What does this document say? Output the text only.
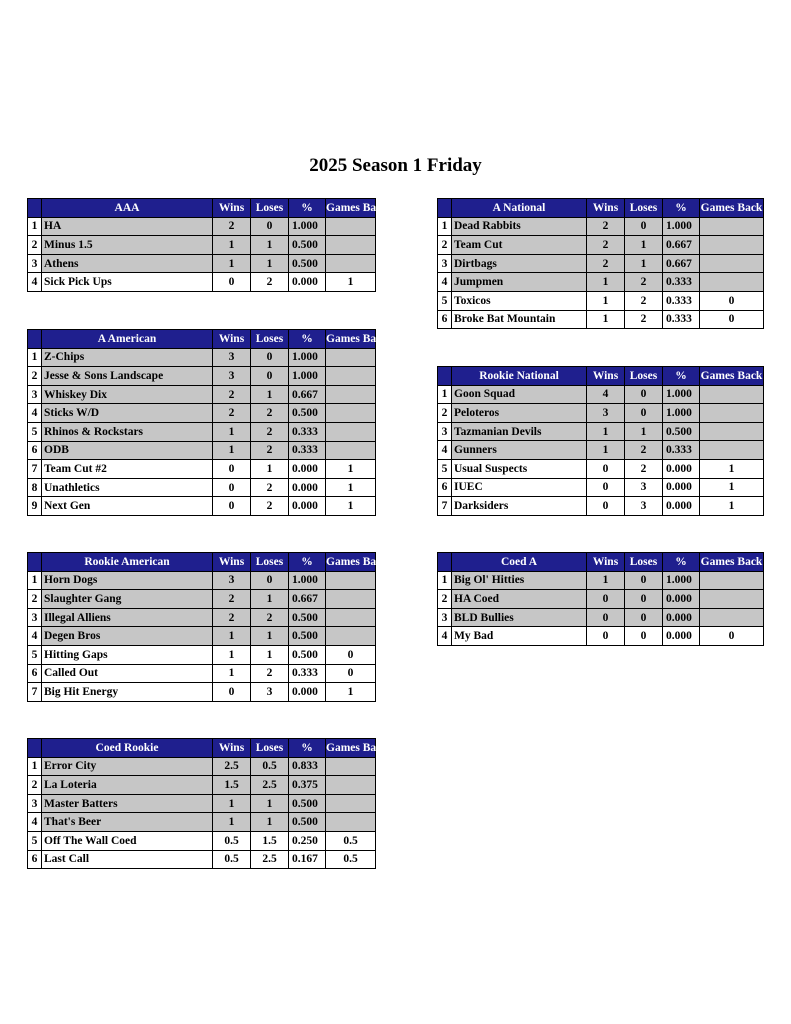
2025 Season 1 Friday
	AAA	Wins	Loses	%	Games Back
1	HA	2	0	1.000	
2	Minus 1.5	1	1	0.500	
3	Athens	1	1	0.500	
4	Sick Pick Ups	0	2	0.000	1
	A National	Wins	Loses	%	Games Back
1	Dead Rabbits	2	0	1.000	
2	Team Cut	2	1	0.667	
3	Dirtbags	2	1	0.667	
4	Jumpmen	1	2	0.333	
5	Toxicos	1	2	0.333	0
6	Broke Bat Mountain	1	2	0.333	0
	A American	Wins	Loses	%	Games Back
1	Z-Chips	3	0	1.000	
2	Jesse & Sons Landscape	3	0	1.000	
3	Whiskey Dix	2	1	0.667	
4	Sticks W/D	2	2	0.500	
5	Rhinos & Rockstars	1	2	0.333	
6	ODB	1	2	0.333	
7	Team Cut #2	0	1	0.000	1
8	Unathletics	0	2	0.000	1
9	Next Gen	0	2	0.000	1
	Rookie National	Wins	Loses	%	Games Back
1	Goon Squad	4	0	1.000	
2	Peloteros	3	0	1.000	
3	Tazmanian Devils	1	1	0.500	
4	Gunners	1	2	0.333	
5	Usual Suspects	0	2	0.000	1
6	IUEC	0	3	0.000	1
7	Darksiders	0	3	0.000	1
	Rookie American	Wins	Loses	%	Games Back
1	Horn Dogs	3	0	1.000	
2	Slaughter Gang	2	1	0.667	
3	Illegal Alliens	2	2	0.500	
4	Degen Bros	1	1	0.500	
5	Hitting Gaps	1	1	0.500	0
6	Called Out	1	2	0.333	0
7	Big Hit Energy	0	3	0.000	1
	Coed A	Wins	Loses	%	Games Back
1	Big Ol' Hitties	1	0	1.000	
2	HA Coed	0	0	0.000	
3	BLD Bullies	0	0	0.000	
4	My Bad	0	0	0.000	0
	Coed Rookie	Wins	Loses	%	Games Back
1	Error City	2.5	0.5	0.833	
2	La Loteria	1.5	2.5	0.375	
3	Master Batters	1	1	0.500	
4	That's Beer	1	1	0.500	
5	Off The Wall Coed	0.5	1.5	0.250	0.5
6	Last Call	0.5	2.5	0.167	0.5
